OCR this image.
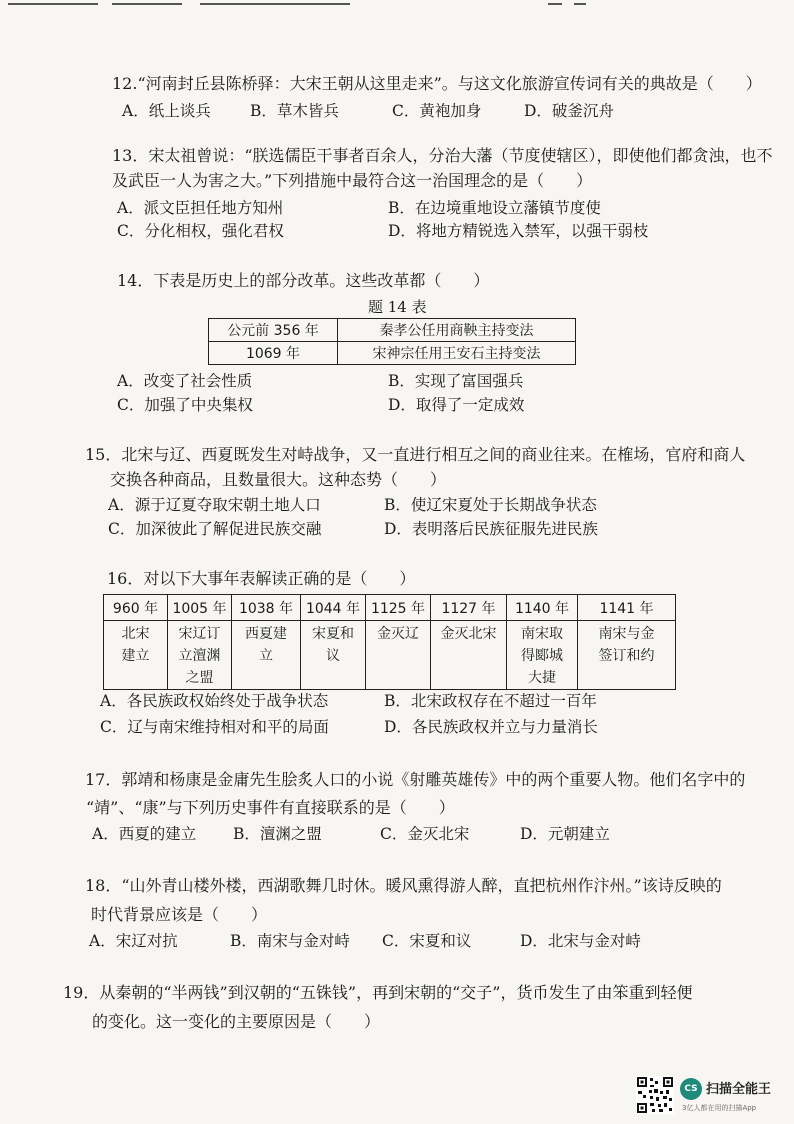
12.“河南封丘县陈桥驿：大宋王朝从这里走来”。与这文化旅游宣传词有关的典故是（　　）
A．纸上谈兵	B．草木皆兵	C．黄袍加身	D．破釜沉舟
13．宋太祖曾说：“朕选儒臣干事者百余人，分治大藩（节度使辖区），即使他们都贪浊，也不
及武臣一人为害之大。”下列措施中最符合这一治国理念的是（　　）
A．派文臣担任地方知州	B．在边境重地设立藩镇节度使
C．分化相权，强化君权	D．将地方精锐选入禁军，以强干弱枝
14．下表是历史上的部分改革。这些改革都（　　）
题 14 表
公元前 356 年	秦孝公任用商鞅主持变法
1069 年	宋神宗任用王安石主持变法
A．改变了社会性质	B．实现了富国强兵
C．加强了中央集权	D．取得了一定成效
15．北宋与辽、西夏既发生对峙战争，又一直进行相互之间的商业往来。在榷场，官府和商人
交换各种商品，且数量很大。这种态势（　　）
A．源于辽夏夺取宋朝土地人口	B．使辽宋夏处于长期战争状态
C．加深彼此了解促进民族交融	D．表明落后民族征服先进民族
16．对以下大事年表解读正确的是（　　）
960 年	1005 年	1038 年	1044 年	1125 年	1127 年	1140 年	1141 年
北宋建立	宋辽订立澶渊之盟	西夏建立	宋夏和议	金灭辽	金灭北宋	南宋取得郾城大捷	南宋与金签订和约
A．各民族政权始终处于战争状态	B．北宋政权存在不超过一百年
C．辽与南宋维持相对和平的局面	D．各民族政权并立与力量消长
17．郭靖和杨康是金庸先生脍炙人口的小说《射雕英雄传》中的两个重要人物。他们名字中的
“靖”、“康”与下列历史事件有直接联系的是（　　）
A．西夏的建立 B．澶渊之盟	C．金灭北宋	D．元朝建立
18．“山外青山楼外楼，西湖歌舞几时休。暖风熏得游人醉，直把杭州作汴州。”该诗反映的
时代背景应该是（　　）
A．宋辽对抗	B．南宋与金对峙 C．宋夏和议	D．北宋与金对峙
19．从秦朝的“半两钱”到汉朝的“五铢钱”，再到宋朝的“交子”，货币发生了由笨重到轻便
的变化。这一变化的主要原因是（　　）
CS 扫描全能王
3亿人都在用的扫描App
